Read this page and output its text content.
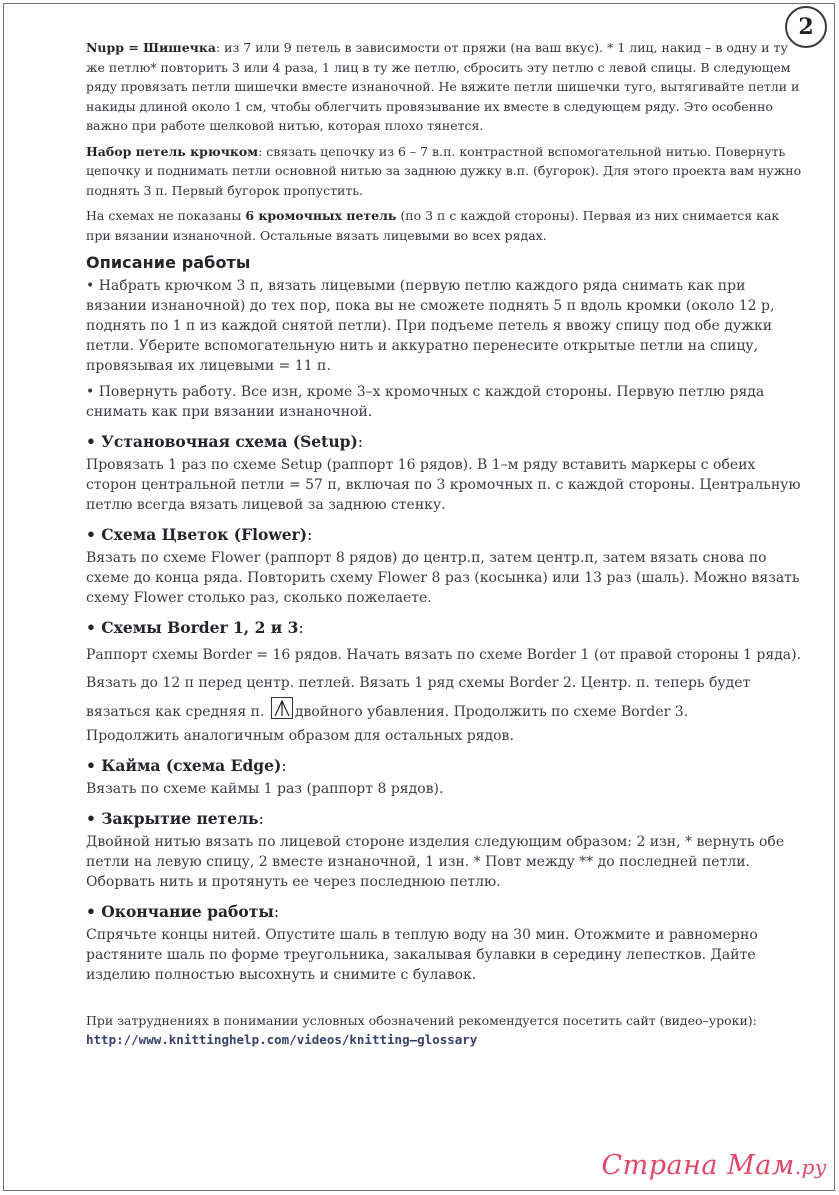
2

Nupp = Шишечка: из 7 или 9 петель в зависимости от пряжи (на ваш вкус). * 1 лиц, накид – в одну и ту же петлю* повторить 3 или 4 раза, 1 лиц в ту же петлю, сбросить эту петлю с левой спицы. В следующем ряду провязать петли шишечки вместе изнаночной. Не вяжите петли шишечки туго, вытягивайте петли и накиды длиной около 1 см, чтобы облегчить провязывание их вместе в следующем ряду. Это особенно важно при работе шелковой нитью, которая плохо тянется.

Набор петель крючком: связать цепочку из 6 – 7 в.п. контрастной вспомогательной нитью. Повернуть цепочку и поднимать петли основной нитью за заднюю дужку в.п. (бугорок). Для этого проекта вам нужно поднять 3 п. Первый бугорок пропустить.

На схемах не показаны 6 кромочных петель (по 3 п с каждой стороны). Первая из них снимается как при вязании изнаночной. Остальные вязать лицевыми во всех рядах.

Описание работы

• Набрать крючком 3 п, вязать лицевыми (первую петлю каждого ряда снимать как при вязании изнаночной) до тех пор, пока вы не сможете поднять 5 п вдоль кромки (около 12 р, поднять по 1 п из каждой снятой петли). При подъеме петель я ввожу спицу под обе дужки петли. Уберите вспомогательную нить и аккуратно перенесите открытые петли на спицу, провязывая их лицевыми = 11 п.

• Повернуть работу. Все изн, кроме 3–х кромочных с каждой стороны. Первую петлю ряда снимать как при вязании изнаночной.

• Установочная схема (Setup):

Провязать 1 раз по схеме Setup (раппорт 16 рядов). В 1–м ряду вставить маркеры с обеих сторон центральной петли = 57 п, включая по 3 кромочных п. с каждой стороны. Центральную петлю всегда вязать лицевой за заднюю стенку.

• Схема Цветок (Flower):

Вязать по схеме Flower (раппорт 8 рядов) до центр.п, затем центр.п, затем вязать снова по схеме до конца ряда. Повторить схему Flower 8 раз (косынка) или 13 раз (шаль). Можно вязать схему Flower столько раз, сколько пожелаете.

• Схемы Border 1, 2 и 3:

Раппорт схемы Border = 16 рядов. Начать вязать по схеме Border 1 (от правой стороны 1 ряда). Вязать до 12 п перед центр. петлей. Вязать 1 ряд схемы Border 2. Центр. п. теперь будет вязаться как средняя п. двойного убавления. Продолжить по схеме Border 3.

Продолжить аналогичным образом для остальных рядов.

• Кайма (схема Edge):

Вязать по схеме каймы 1 раз (раппорт 8 рядов).

• Закрытие петель:

Двойной нитью вязать по лицевой стороне изделия следующим образом: 2 изн, * вернуть обе петли на левую спицу, 2 вместе изнаночной, 1 изн. * Повт между ** до последней петли. Оборвать нить и протянуть ее через последнюю петлю.

• Окончание работы:

Спрячьте концы нитей. Опустите шаль в теплую воду на 30 мин. Отожмите и равномерно растяните шаль по форме треугольника, закалывая булавки в середину лепестков. Дайте изделию полностью высохнуть и снимите с булавок.

При затруднениях в понимании условных обозначений рекомендуется посетить сайт (видео–уроки):
http://www.knittinghelp.com/videos/knitting–glossary
Страна Мам.ру
